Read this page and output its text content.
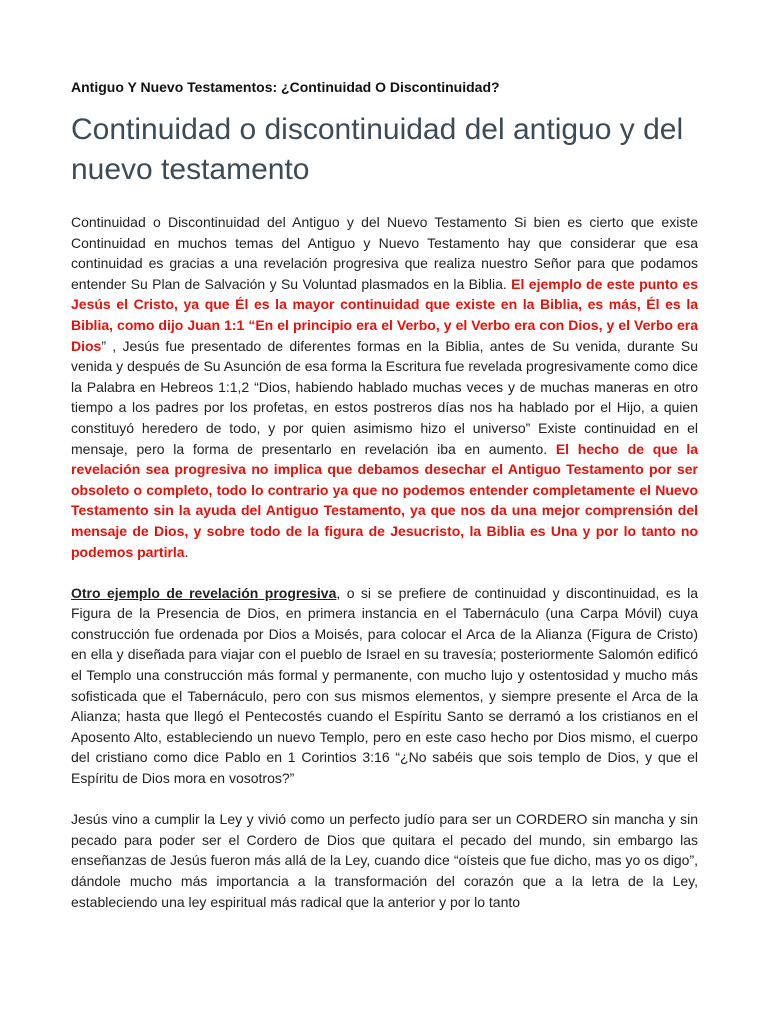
Antiguo Y Nuevo Testamentos: ¿Continuidad O Discontinuidad?
Continuidad o discontinuidad del antiguo y del nuevo testamento

Continuidad o Discontinuidad del Antiguo y del Nuevo Testamento Si bien es cierto que existe Continuidad en muchos temas del Antiguo y Nuevo Testamento hay que considerar que esa continuidad es gracias a una revelación progresiva que realiza nuestro Señor para que podamos entender Su Plan de Salvación y Su Voluntad plasmados en la Biblia. El ejemplo de este punto es Jesús el Cristo, ya que Él es la mayor continuidad que existe en la Biblia, es más, Él es la Biblia, como dijo Juan 1:1 “En el principio era el Verbo, y el Verbo era con Dios, y el Verbo era Dios” , Jesús fue presentado de diferentes formas en la Biblia, antes de Su venida, durante Su venida y después de Su Asunción de esa forma la Escritura fue revelada progresivamente como dice la Palabra en Hebreos 1:1,2 “Dios, habiendo hablado muchas veces y de muchas maneras en otro tiempo a los padres por los profetas, en estos postreros días nos ha hablado por el Hijo, a quien constituyó heredero de todo, y por quien asimismo hizo el universo” Existe continuidad en el mensaje, pero la forma de presentarlo en revelación iba en aumento. El hecho de que la revelación sea progresiva no implica que debamos desechar el Antiguo Testamento por ser obsoleto o completo, todo lo contrario ya que no podemos entender completamente el Nuevo Testamento sin la ayuda del Antiguo Testamento, ya que nos da una mejor comprensión del mensaje de Dios, y sobre todo de la figura de Jesucristo, la Biblia es Una y por lo tanto no podemos partirla.

Otro ejemplo de revelación progresiva, o si se prefiere de continuidad y discontinuidad, es la Figura de la Presencia de Dios, en primera instancia en el Tabernáculo (una Carpa Móvil) cuya construcción fue ordenada por Dios a Moisés, para colocar el Arca de la Alianza (Figura de Cristo) en ella y diseñada para viajar con el pueblo de Israel en su travesía; posteriormente Salomón edificó el Templo una construcción más formal y permanente, con mucho lujo y ostentosidad y mucho más sofisticada que el Tabernáculo, pero con sus mismos elementos, y siempre presente el Arca de la Alianza; hasta que llegó el Pentecostés cuando el Espíritu Santo se derramó a los cristianos en el Aposento Alto, estableciendo un nuevo Templo, pero en este caso hecho por Dios mismo, el cuerpo del cristiano como dice Pablo en 1 Corintios 3:16 “¿No sabéis que sois templo de Dios, y que el Espíritu de Dios mora en vosotros?”

Jesús vino a cumplir la Ley y vivió como un perfecto judío para ser un CORDERO sin mancha y sin pecado para poder ser el Cordero de Dios que quitara el pecado del mundo, sin embargo las enseñanzas de Jesús fueron más allá de la Ley, cuando dice “oísteis que fue dicho, mas yo os digo”, dándole mucho más importancia a la transformación del corazón que a la letra de la Ley, estableciendo una ley espiritual más radical que la anterior y por lo tanto
